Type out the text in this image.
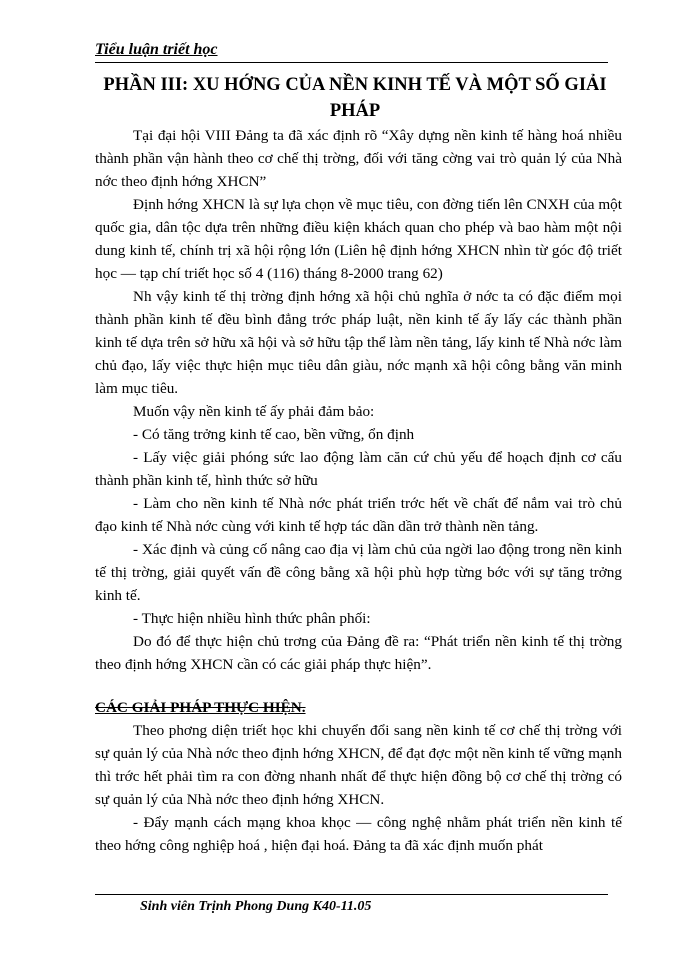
Tiểu luận triết học
PHẦN III: XU HỚNG CỦA NỀN KINH TẾ VÀ MỘT SỐ GIẢI PHÁP

Tại đại hội VIII Đảng ta đã xác định rõ “Xây dựng nền kinh tế hàng hoá nhiều thành phần vận hành theo cơ chế thị trờng, đối với tăng cờng vai trò quản lý của Nhà nớc theo định hớng XHCN”

Định hớng XHCN là sự lựa chọn về mục tiêu, con đờng tiến lên CNXH của một quốc gia, dân tộc dựa trên những điều kiện khách quan cho phép và bao hàm một nội dung kinh tế, chính trị xã hội rộng lớn (Liên hệ định hớng XHCN nhìn từ góc độ triết học — tạp chí triết học số 4 (116) tháng 8-2000 trang 62)

Nh vậy kinh tế thị trờng định hớng xã hội chủ nghĩa ở nớc ta có đặc điểm mọi thành phần kinh tế đều bình đẳng trớc pháp luật, nền kinh tế ấy lấy các thành phần kinh tế dựa trên sở hữu xã hội và sở hữu tập thể làm nền tảng, lấy kinh tế Nhà nớc làm chủ đạo, lấy việc thực hiện mục tiêu dân giàu, nớc mạnh xã hội công bằng văn minh làm mục tiêu.

Muốn vậy nền kinh tế ấy phải đảm bảo:

- Có tăng trởng kinh tế cao, bền vững, ổn định

- Lấy việc giải phóng sức lao động làm căn cứ chủ yếu để hoạch định cơ cấu thành phần kinh tế, hình thức sở hữu

- Làm cho nền kinh tế Nhà nớc phát triển trớc hết về chất để nắm vai trò chủ đạo kinh tế Nhà nớc cùng với kinh tế hợp tác dần dần trở thành nền tảng.

- Xác định và củng cố nâng cao địa vị làm chủ của ngời lao động trong nền kinh tế thị trờng, giải quyết vấn đề công bằng xã hội phù hợp từng bớc với sự tăng trởng kinh tế.

- Thực hiện nhiều hình thức phân phối:

Do đó để thực hiện chủ trơng của Đảng đề ra: “Phát triển nền kinh tế thị trờng theo định hớng XHCN cần có các giải pháp thực hiện”.

CÁC GIẢI PHÁP THỰC HIỆN.

Theo phơng diện triết học khi chuyển đổi sang nền kinh tế cơ chế thị trờng với sự quản lý của Nhà nớc theo định hớng XHCN, để đạt đợc một nền kinh tế vững mạnh thì trớc hết phải tìm ra con đờng nhanh nhất để thực hiện đồng bộ cơ chế thị trờng có sự quản lý của Nhà nớc theo định hớng XHCN.

- Đẩy mạnh cách mạng khoa khọc — công nghệ nhằm phát triển nền kinh tế theo hớng công nghiệp hoá , hiện đại hoá. Đảng ta đã xác định muốn phát

Sinh viên Trịnh Phong Dung K40-11.05
